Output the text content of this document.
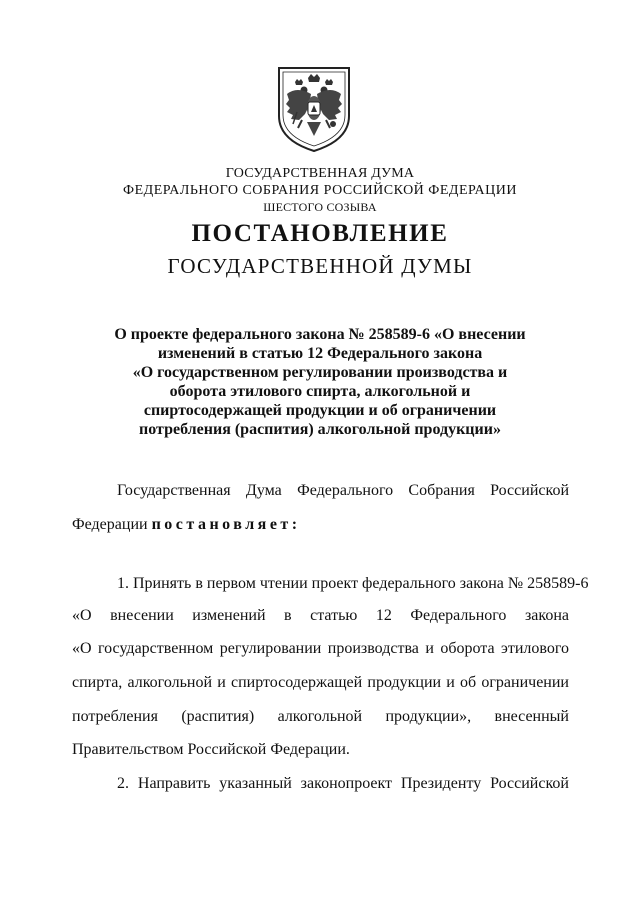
ГОСУДАРСТВЕННАЯ ДУМА
ФЕДЕРАЛЬНОГО СОБРАНИЯ РОССИЙСКОЙ ФЕДЕРАЦИИ
ШЕСТОГО СОЗЫВА
ПОСТАНОВЛЕНИЕ
ГОСУДАРСТВЕННОЙ ДУМЫ
О проекте федерального закона № 258589-6 «О внесении
изменений в статью 12 Федерального закона
«О государственном регулировании производства и
оборота этилового спирта, алкогольной и
спиртосодержащей продукции и об ограничении
потребления (распития) алкогольной продукции»
Государственная Дума Федерального Собрания Российской
Федерации постановляет:
1. Принять в первом чтении проект федерального закона № 258589-6
«О внесении изменений в статью 12 Федерального закона
«О государственном регулировании производства и оборота этилового
спирта, алкогольной и спиртосодержащей продукции и об ограничении
потребления (распития) алкогольной продукции», внесенный
Правительством Российской Федерации.
2. Направить указанный законопроект Президенту Российской
